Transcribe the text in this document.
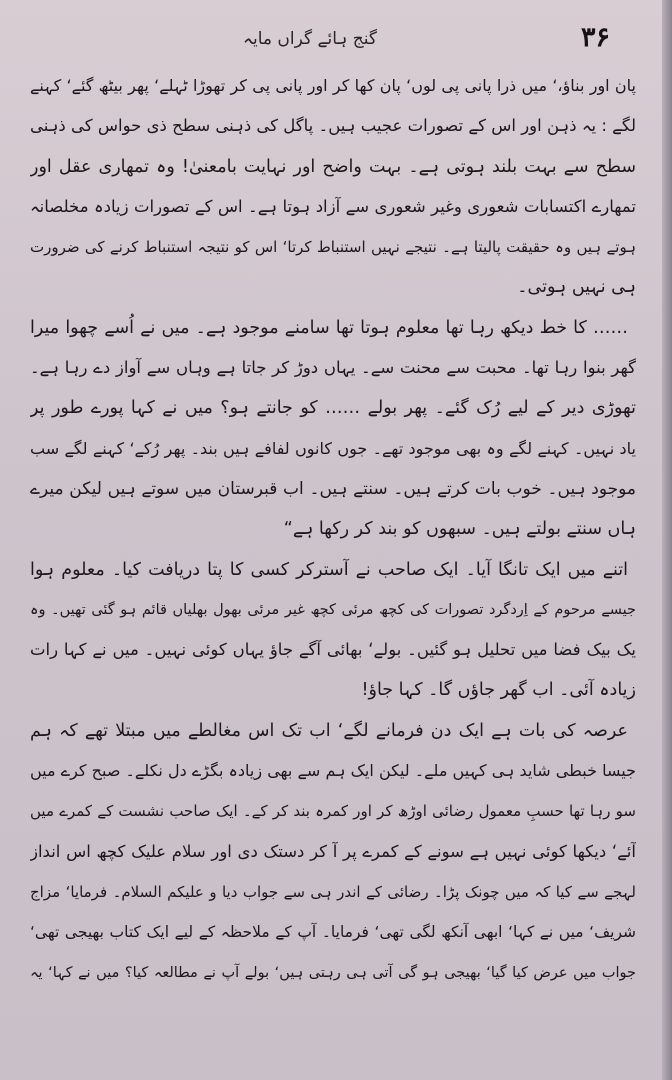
گنج ہائے گراں مایہ	۳۶
پان اور بناؤ،‘ میں ذرا پانی پی لوں‘ پان کھا کر اور پانی پی کر تھوڑا ٹہلے‘ پھر بیٹھ گئے‘ کہنے
لگے : یہ ذہن اور اس کے تصورات عجیب ہیں۔ پاگل کی ذہنی سطح ذی حواس کی ذہنی
سطح سے بہت بلند ہوتی ہے۔ بہت واضح اور نہایت بامعنیٰ! وہ تمھاری عقل اور
تمھارے اکتسابات شعوری وغیر شعوری سے آزاد ہوتا ہے۔ اس کے تصورات زیادہ مخلصانہ
ہوتے ہیں وہ حقیقت پالیتا ہے۔ نتیجے نہیں استنباط کرتا‘ اس کو نتیجہ استنباط کرنے کی ضرورت
ہی نہیں ہوتی۔
…… کا خط دیکھ رہا تھا معلوم ہوتا تھا سامنے موجود ہے۔ میں نے اُسے چھوا میرا
گھر بنوا رہا تھا۔ محبت سے محنت سے۔ یہاں دوڑ کر جاتا ہے وہاں سے آواز دے رہا ہے۔
تھوڑی دیر کے لیے رُک گئے۔ پھر بولے …… کو جانتے ہو؟ میں نے کہا پورے طور پر
یاد نہیں۔ کہنے لگے وہ بھی موجود تھے۔ جوں کانوں لفافے ہیں بند۔ پھر رُکے‘ کہنے لگے سب
موجود ہیں۔ خوب بات کرتے ہیں۔ سنتے ہیں۔ اب قبرستان میں سوتے ہیں لیکن میرے
ہاں سنتے بولتے ہیں۔ سبھوں کو بند کر رکھا ہے“
اتنے میں ایک تانگا آیا۔ ایک صاحب نے آسترکر کسی کا پتا دریافت کیا۔ معلوم ہوا
جیسے مرحوم کے اِردگرد تصورات کی کچھ مرئی کچھ غیر مرئی بھول بھلیاں قائم ہو گئی تھیں۔ وہ
یک بیک فضا میں تحلیل ہو گئیں۔ بولے‘ بھائی آگے جاؤ یہاں کوئی نہیں۔ میں نے کہا رات
زیادہ آئی۔ اب گھر جاؤں گا۔ کہا جاؤ!
عرصہ کی بات ہے ایک دن فرمانے لگے‘ اب تک اس مغالطے میں مبتلا تھے کہ ہم
جیسا خبطی شاید ہی کہیں ملے۔ لیکن ایک ہم سے بھی زیادہ بگڑے دل نکلے۔ صبح کرے میں
سو رہا تھا حسبِ معمول رضائی اوڑھ کر اور کمرہ بند کر کے۔ ایک صاحب نشست کے کمرے میں
آئے‘ دیکھا کوئی نہیں ہے سونے کے کمرے پر آ کر دستک دی اور سلام علیک کچھ اس انداز
لہجے سے کیا کہ میں چونک پڑا۔ رضائی کے اندر ہی سے جواب دیا و علیکم السلام۔ فرمایا‘ مزاج
شریف‘ میں نے کہا‘ ابھی آنکھ لگی تھی‘ فرمایا۔ آپ کے ملاحظہ کے لیے ایک کتاب بھیجی تھی‘
جواب میں عرض کیا گیا‘ بھیجی ہو گی آتی ہی رہتی ہیں‘ بولے آپ نے مطالعہ کیا؟ میں نے کہا‘ یہ
